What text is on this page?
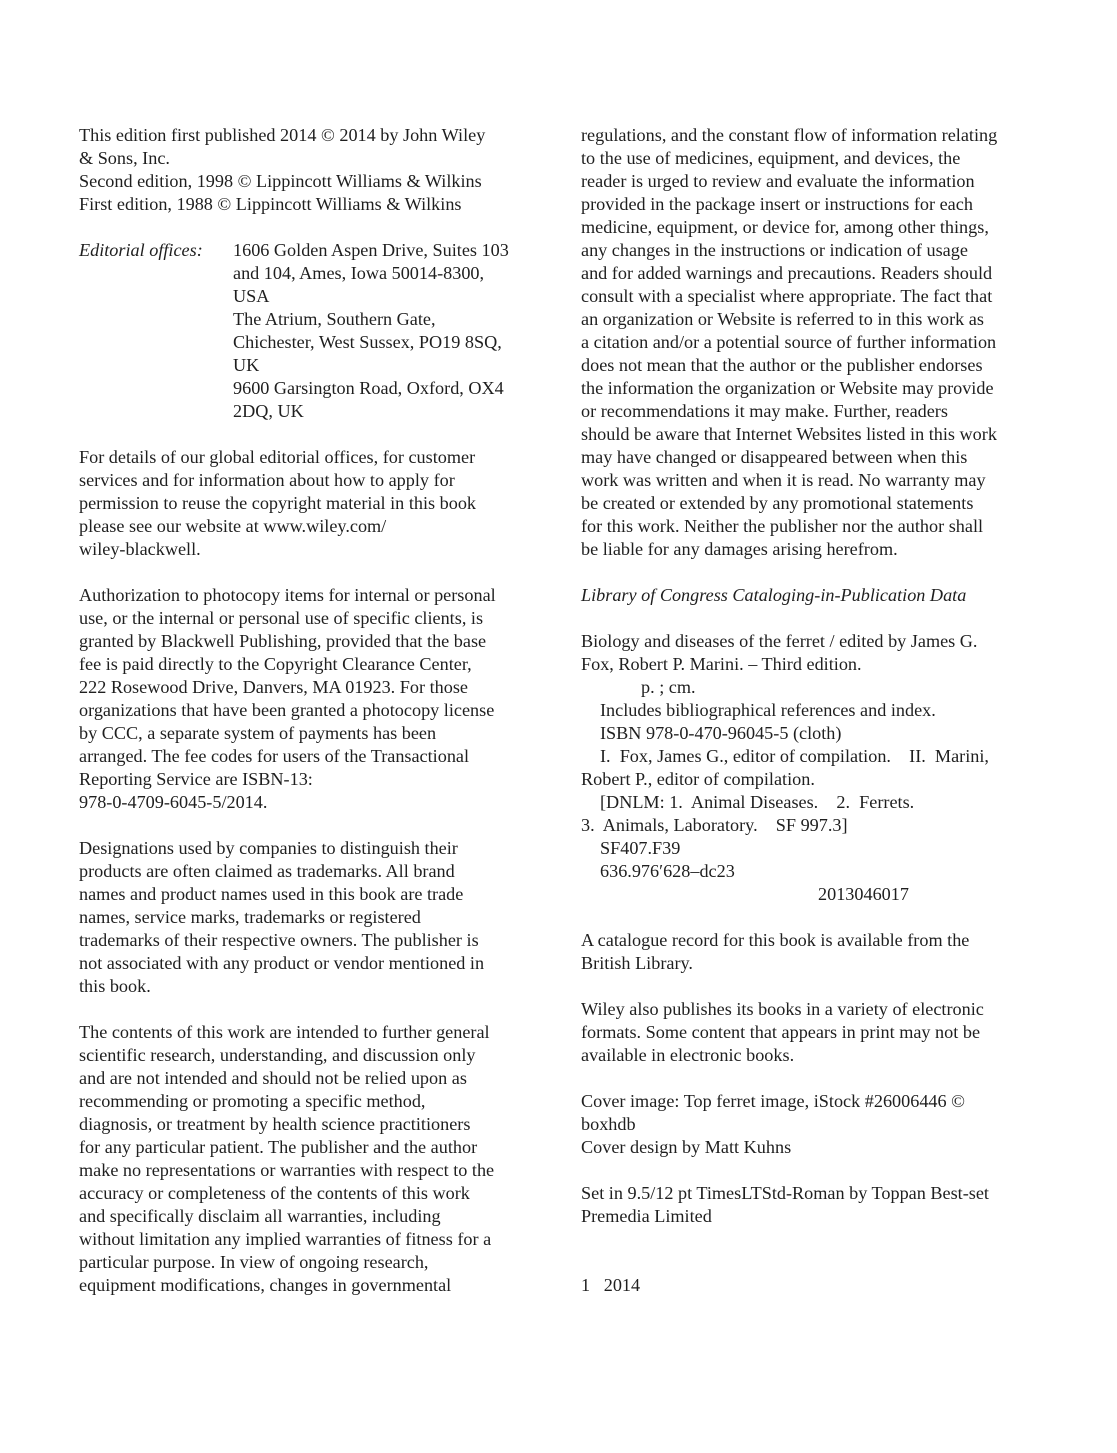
This edition first published 2014 © 2014 by John Wiley
& Sons, Inc.
Second edition, 1998 © Lippincott Williams & Wilkins
First edition, 1988 © Lippincott Williams & Wilkins

Editorial offices:

1606 Golden Aspen Drive, Suites 103

and 104, Ames, Iowa 50014-8300,

USA

The Atrium, Southern Gate,

Chichester, West Sussex, PO19 8SQ,

UK

9600 Garsington Road, Oxford, OX4

2DQ, UK

For details of our global editorial offices, for customer
services and for information about how to apply for
permission to reuse the copyright material in this book
please see our website at www.wiley.com/
wiley-blackwell.
Authorization to photocopy items for internal or personal
use, or the internal or personal use of specific clients, is
granted by Blackwell Publishing, provided that the base
fee is paid directly to the Copyright Clearance Center,
222 Rosewood Drive, Danvers, MA 01923. For those
organizations that have been granted a photocopy license
by CCC, a separate system of payments has been
arranged. The fee codes for users of the Transactional
Reporting Service are ISBN-13:
978-0-4709-6045-5/2014.
Designations used by companies to distinguish their
products are often claimed as trademarks. All brand
names and product names used in this book are trade
names, service marks, trademarks or registered
trademarks of their respective owners. The publisher is
not associated with any product or vendor mentioned in
this book.
The contents of this work are intended to further general
scientific research, understanding, and discussion only
and are not intended and should not be relied upon as
recommending or promoting a specific method,
diagnosis, or treatment by health science practitioners
for any particular patient. The publisher and the author
make no representations or warranties with respect to the
accuracy or completeness of the contents of this work
and specifically disclaim all warranties, including
without limitation any implied warranties of fitness for a
particular purpose. In view of ongoing research,
equipment modifications, changes in governmental
regulations, and the constant flow of information relating
to the use of medicines, equipment, and devices, the
reader is urged to review and evaluate the information
provided in the package insert or instructions for each
medicine, equipment, or device for, among other things,
any changes in the instructions or indication of usage
and for added warnings and precautions. Readers should
consult with a specialist where appropriate. The fact that
an organization or Website is referred to in this work as
a citation and/or a potential source of further information
does not mean that the author or the publisher endorses
the information the organization or Website may provide
or recommendations it may make. Further, readers
should be aware that Internet Websites listed in this work
may have changed or disappeared between when this
work was written and when it is read. No warranty may
be created or extended by any promotional statements
for this work. Neither the publisher nor the author shall
be liable for any damages arising herefrom.
Library of Congress Cataloging-in-Publication Data
Biology and diseases of the ferret / edited by James G.
Fox, Robert P. Marini. – Third edition.
p. ; cm.
Includes bibliographical references and index.
ISBN 978-0-470-96045-5 (cloth)
I.  Fox, James G., editor of compilation.    II.  Marini,
Robert P., editor of compilation.
[DNLM: 1.  Animal Diseases.    2.  Ferrets.
3.  Animals, Laboratory.    SF 997.3]
SF407.F39
636.976′628–dc23
2013046017
A catalogue record for this book is available from the
British Library.
Wiley also publishes its books in a variety of electronic
formats. Some content that appears in print may not be
available in electronic books.
Cover image: Top ferret image, iStock #26006446 ©
boxhdb
Cover design by Matt Kuhns
Set in 9.5/12 pt TimesLTStd-Roman by Toppan Best-set
Premedia Limited
1   2014
